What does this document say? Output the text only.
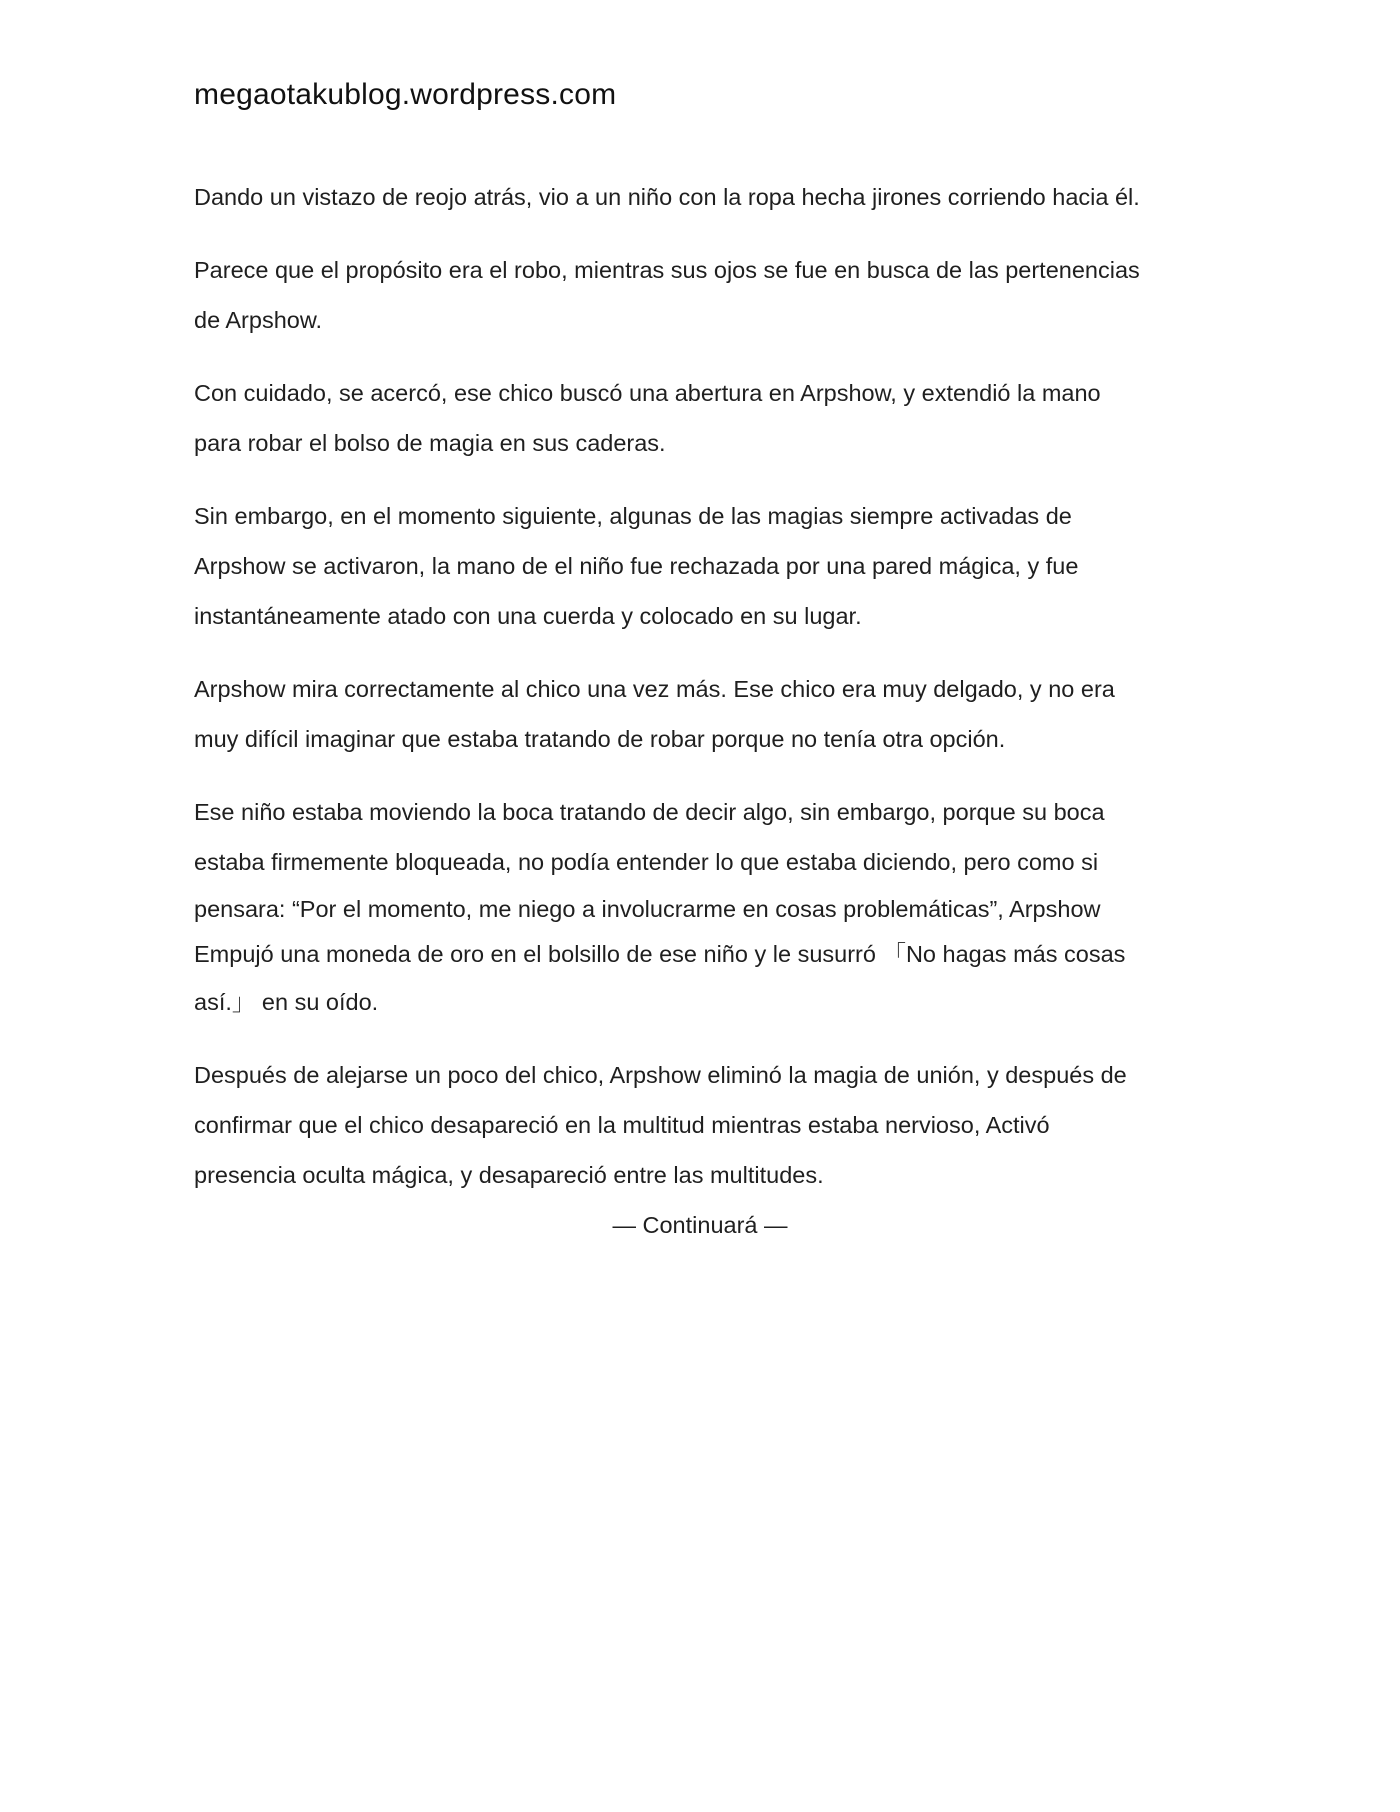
megaotakublog.wordpress.com

Dando un vistazo de reojo atrás, vio a un niño con la ropa hecha jirones corriendo hacia él.

Parece que el propósito era el robo, mientras sus ojos se fue en busca de las pertenencias
de Arpshow.

Con cuidado, se acercó, ese chico buscó una abertura en Arpshow, y extendió la mano
para robar el bolso de magia en sus caderas.

Sin embargo, en el momento siguiente, algunas de las magias siempre activadas de
Arpshow se activaron, la mano de el niño fue rechazada por una pared mágica, y fue
instantáneamente atado con una cuerda y colocado en su lugar.

Arpshow mira correctamente al chico una vez más. Ese chico era muy delgado, y no era
muy difícil imaginar que estaba tratando de robar porque no tenía otra opción.

Ese niño estaba moviendo la boca tratando de decir algo, sin embargo, porque su boca
estaba firmemente bloqueada, no podía entender lo que estaba diciendo, pero como si
pensara: “Por el momento, me niego a involucrarme en cosas problemáticas”, Arpshow
Empujó una moneda de oro en el bolsillo de ese niño y le susurró 「No hagas más cosas
así.」 en su oído.

Después de alejarse un poco del chico, Arpshow eliminó la magia de unión, y después de
confirmar que el chico desapareció en la multitud mientras estaba nervioso, Activó
presencia oculta mágica, y desapareció entre las multitudes.

— Continuará —
